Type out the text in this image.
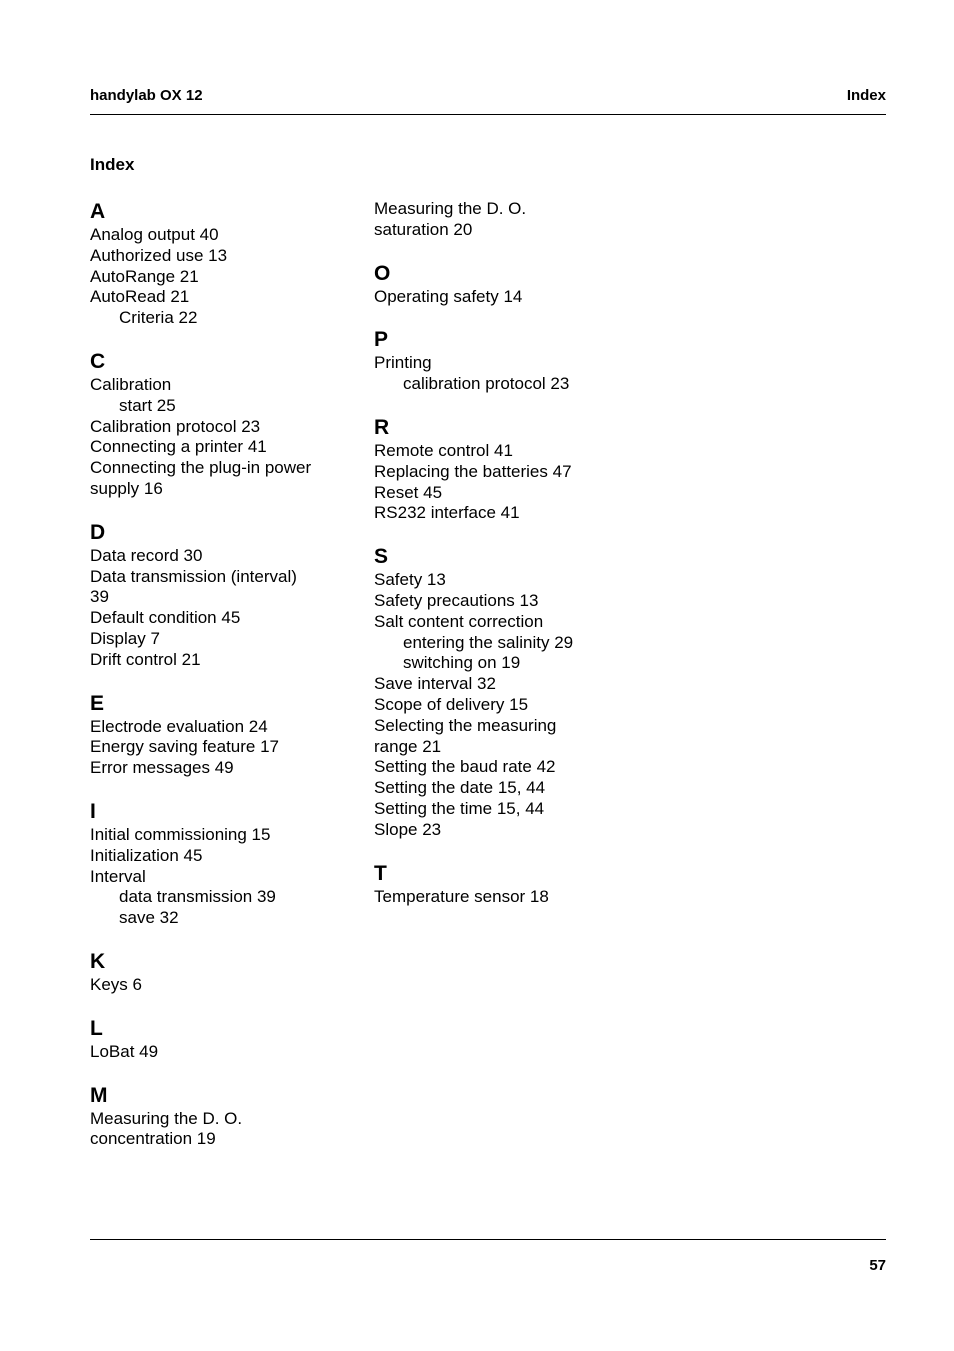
handylab OX 12	Index
Index
A
Analog output 40
Authorized use 13
AutoRange 21
AutoRead 21
Criteria 22
C
Calibration
start 25
Calibration protocol 23
Connecting a printer 41
Connecting the plug-in power
supply 16
D
Data record 30
Data transmission (interval)
39
Default condition 45
Display 7
Drift control 21
E
Electrode evaluation 24
Energy saving feature 17
Error messages 49
I
Initial commissioning 15
Initialization 45
Interval
data transmission 39
save 32
K
Keys 6
L
LoBat 49
M
Measuring the D. O.
concentration 19
Measuring the D. O.
saturation 20
O
Operating safety 14
P
Printing
calibration protocol 23
R
Remote control 41
Replacing the batteries 47
Reset 45
RS232 interface 41
S
Safety 13
Safety precautions 13
Salt content correction
entering the salinity 29
switching on 19
Save interval 32
Scope of delivery 15
Selecting the measuring
range 21
Setting the baud rate 42
Setting the date 15, 44
Setting the time 15, 44
Slope 23
T
Temperature sensor 18
57
